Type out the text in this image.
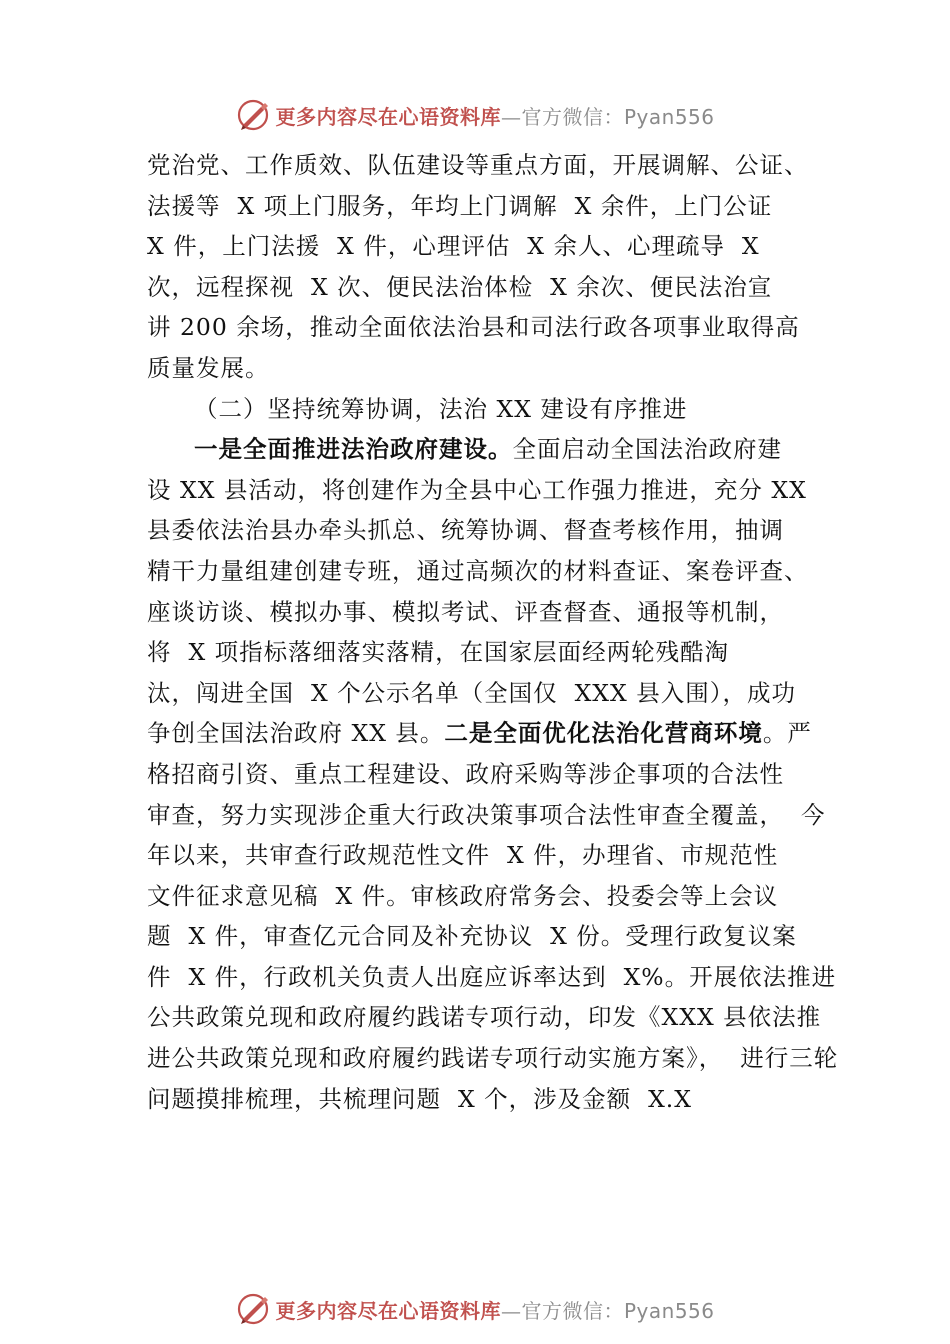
更多内容尽在心语资料库 —官方微信：Pyan556
党治党、工作质效、队伍建设等重点方面，开展调解、公证、
法援等  X 项上门服务，年均上门调解  X 余件，上门公证
X 件，上门法援  X 件，心理评估  X 余人、心理疏导  X
次，远程探视  X 次、便民法治体检  X 余次、便民法治宣
讲 200 余场，推动全面依法治县和司法行政各项事业取得高
质量发展。
（二）坚持统筹协调，法治 XX 建设有序推进
一是全面推进法治政府建设。全面启动全国法治政府建
设 XX 县活动，将创建作为全县中心工作强力推进，充分 XX
县委依法治县办牵头抓总、统筹协调、督查考核作用，抽调
精干力量组建创建专班，通过高频次的材料查证、案卷评查、
座谈访谈、模拟办事、模拟考试、评查督查、通报等机制，
将  X 项指标落细落实落精，在国家层面经两轮残酷淘
汰，闯进全国  X 个公示名单（全国仅  XXX 县入围），成功
争创全国法治政府 XX 县。二是全面优化法治化营商环境。严
格招商引资、重点工程建设、政府采购等涉企事项的合法性
审查，努力实现涉企重大行政决策事项合法性审查全覆盖，  今
年以来，共审查行政规范性文件  X 件，办理省、市规范性
文件征求意见稿  X 件。审核政府常务会、投委会等上会议
题  X 件，审查亿元合同及补充协议  X 份。受理行政复议案
件  X 件，行政机关负责人出庭应诉率达到  X%。开展依法推进
公共政策兑现和政府履约践诺专项行动，印发《XXX 县依法推
进公共政策兑现和政府履约践诺专项行动实施方案》，  进行三轮
问题摸排梳理，共梳理问题  X 个，涉及金额  X.X
更多内容尽在心语资料库 —官方微信：Pyan556
